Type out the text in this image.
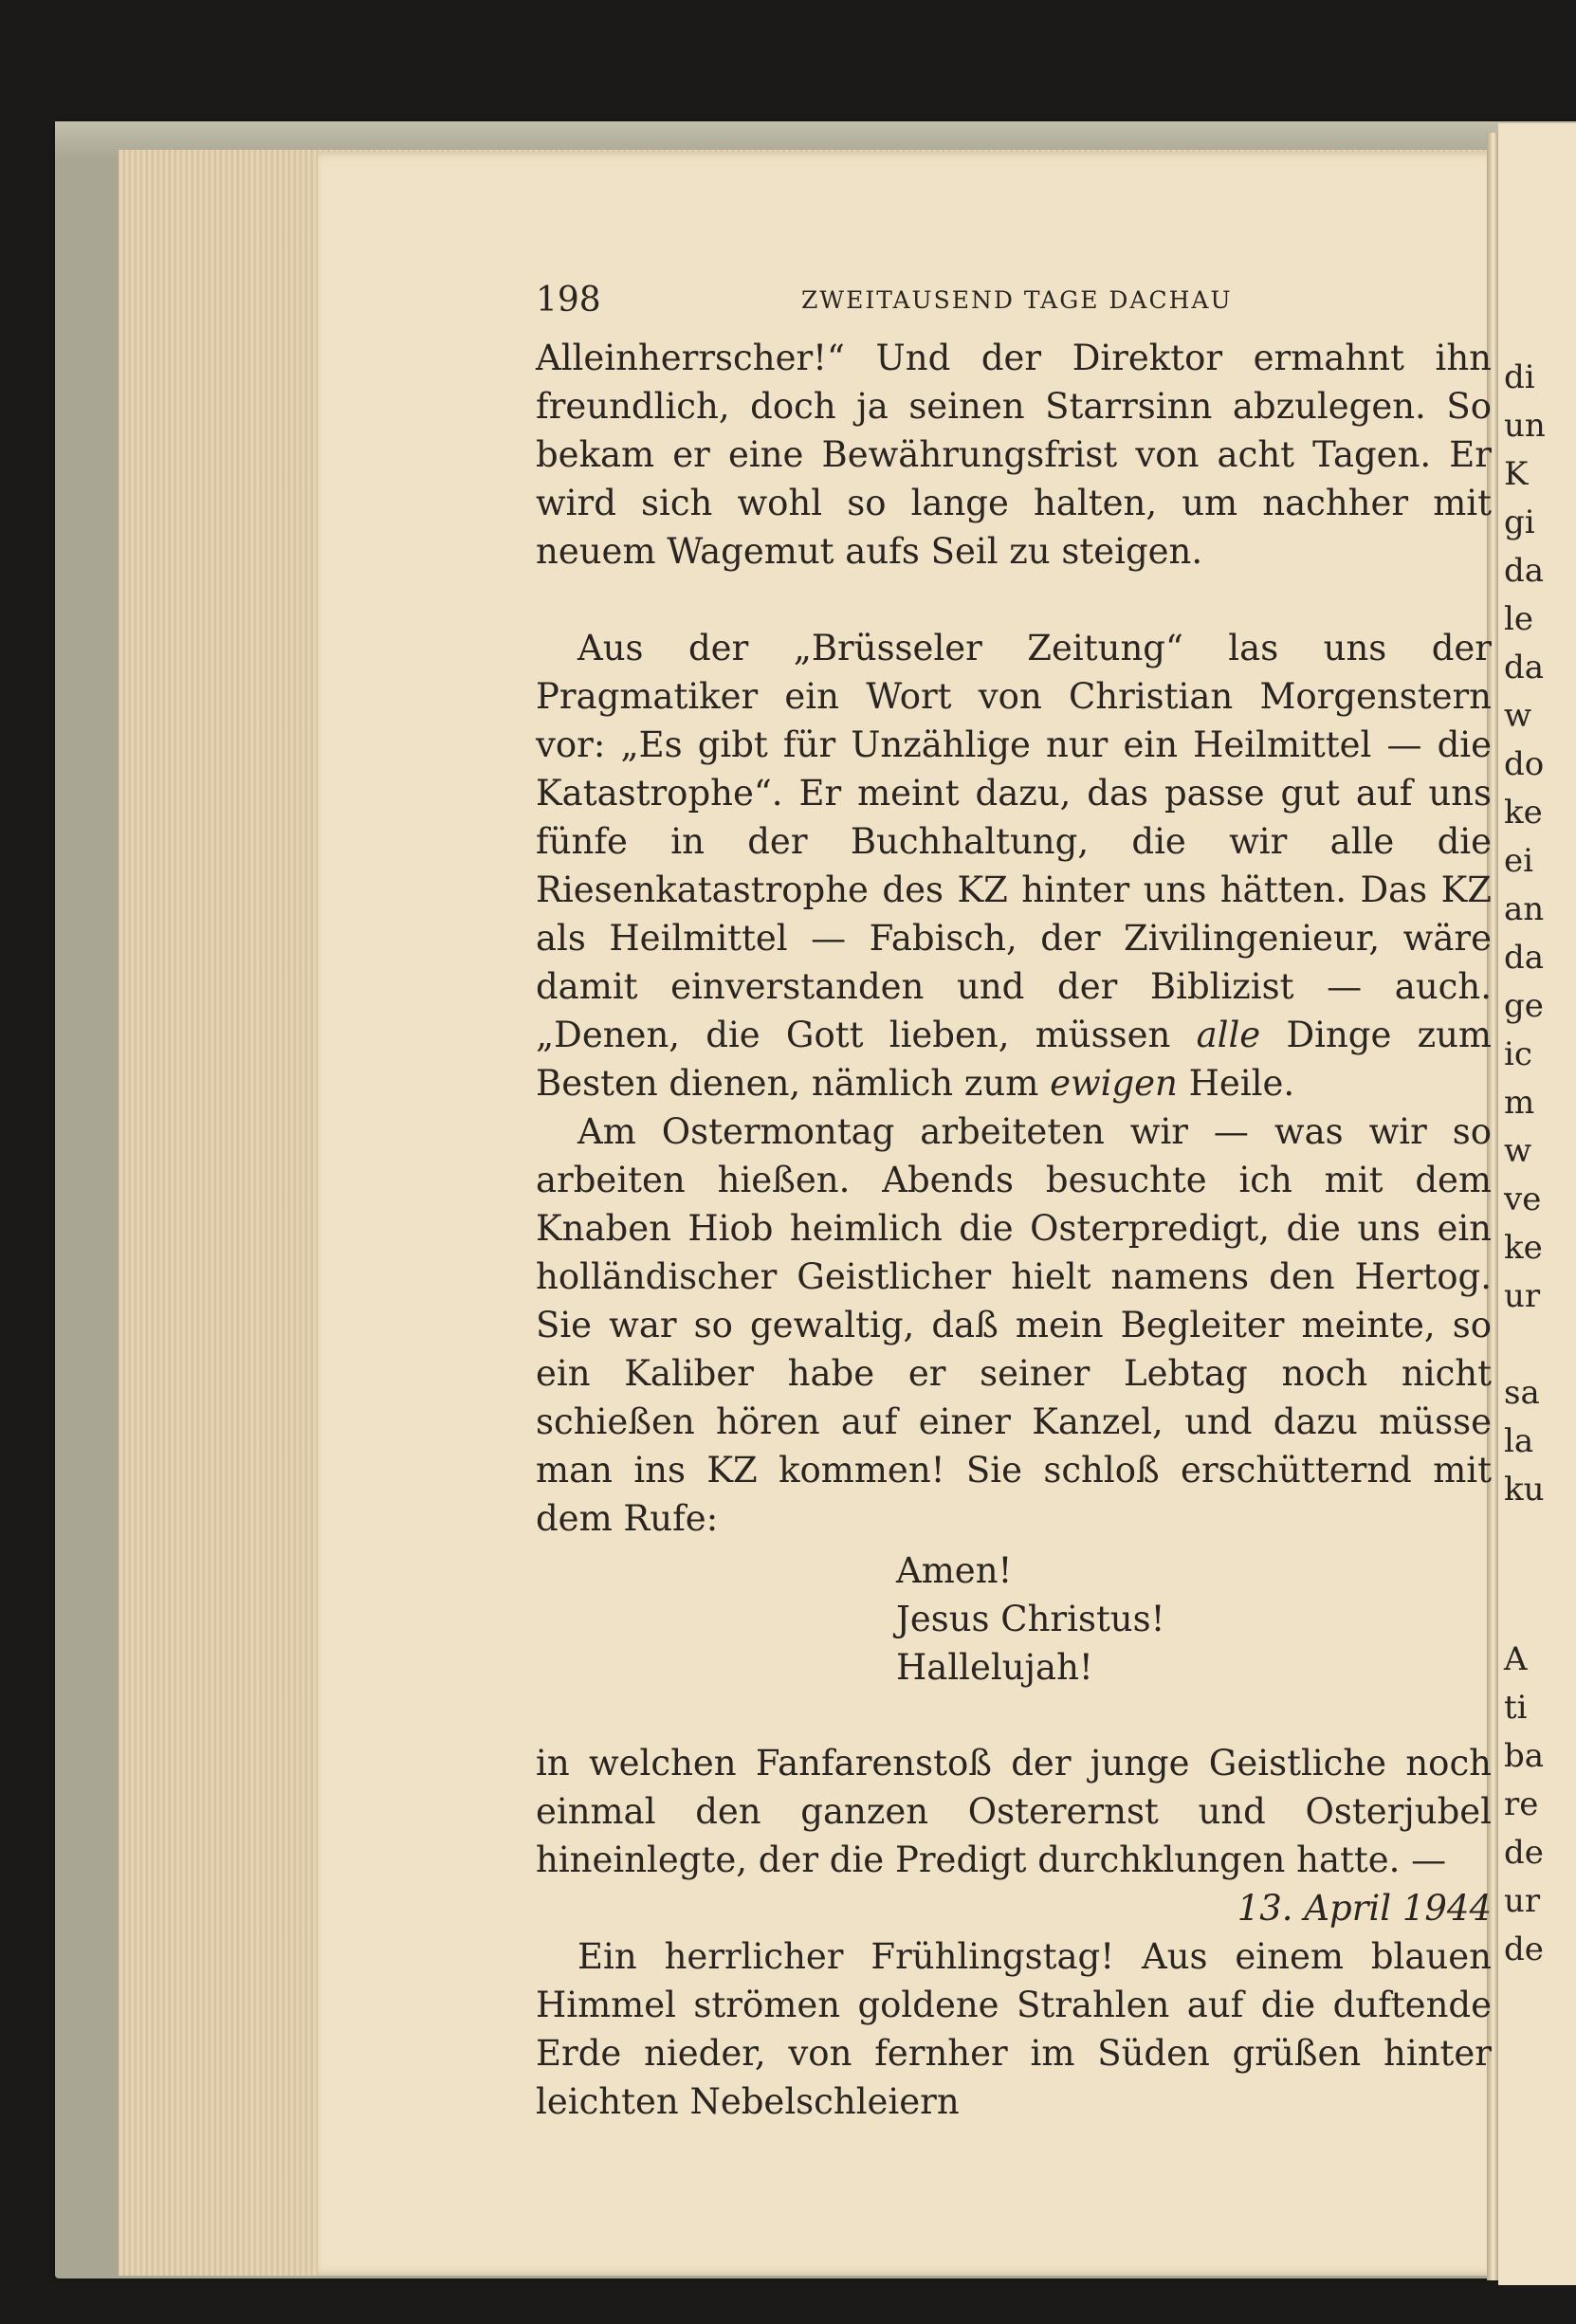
di
un
K
gi
da
le
da
w
do
ke
ei
an
da
ge
ic
m
w
ve
ke
ur
sa
la
ku
A
ti
ba
re
de
ur
de
198	ZWEITAUSEND TAGE DACHAU

Alleinherrscher!“ Und der Direktor ermahnt ihn freundlich, doch ja seinen Starrsinn abzulegen. So bekam er eine Bewährungsfrist von acht Tagen. Er wird sich wohl so lange halten, um nachher mit neuem Wagemut aufs Seil zu steigen.

Aus der „Brüsseler Zeitung“ las uns der Pragmatiker ein Wort von Christian Morgenstern vor: „Es gibt für Unzählige nur ein Heilmittel — die Katastrophe“. Er meint dazu, das passe gut auf uns fünfe in der Buchhaltung, die wir alle die Riesenkatastrophe des KZ hinter uns hätten. Das KZ als Heilmittel — Fabisch, der Zivilingenieur, wäre damit einverstanden und der Biblizist — auch. „Denen, die Gott lieben, müssen alle Dinge zum Besten dienen, nämlich zum ewigen Heile.

Am Ostermontag arbeiteten wir — was wir so arbeiten hießen. Abends besuchte ich mit dem Knaben Hiob heimlich die Osterpredigt, die uns ein holländischer Geistlicher hielt namens den Hertog. Sie war so gewaltig, daß mein Begleiter meinte, so ein Kaliber habe er seiner Lebtag noch nicht schießen hören auf einer Kanzel, und dazu müsse man ins KZ kommen! Sie schloß erschütternd mit dem Rufe:

Amen!
Jesus Christus!
Hallelujah!

in welchen Fanfarenstoß der junge Geistliche noch einmal den ganzen Osterernst und Osterjubel hineinlegte, der die Predigt durchklungen hatte. —

13. April 1944

Ein herrlicher Frühlingstag! Aus einem blauen Himmel strömen goldene Strahlen auf die duftende Erde nieder, von fernher im Süden grüßen hinter leichten Nebelschleiern
